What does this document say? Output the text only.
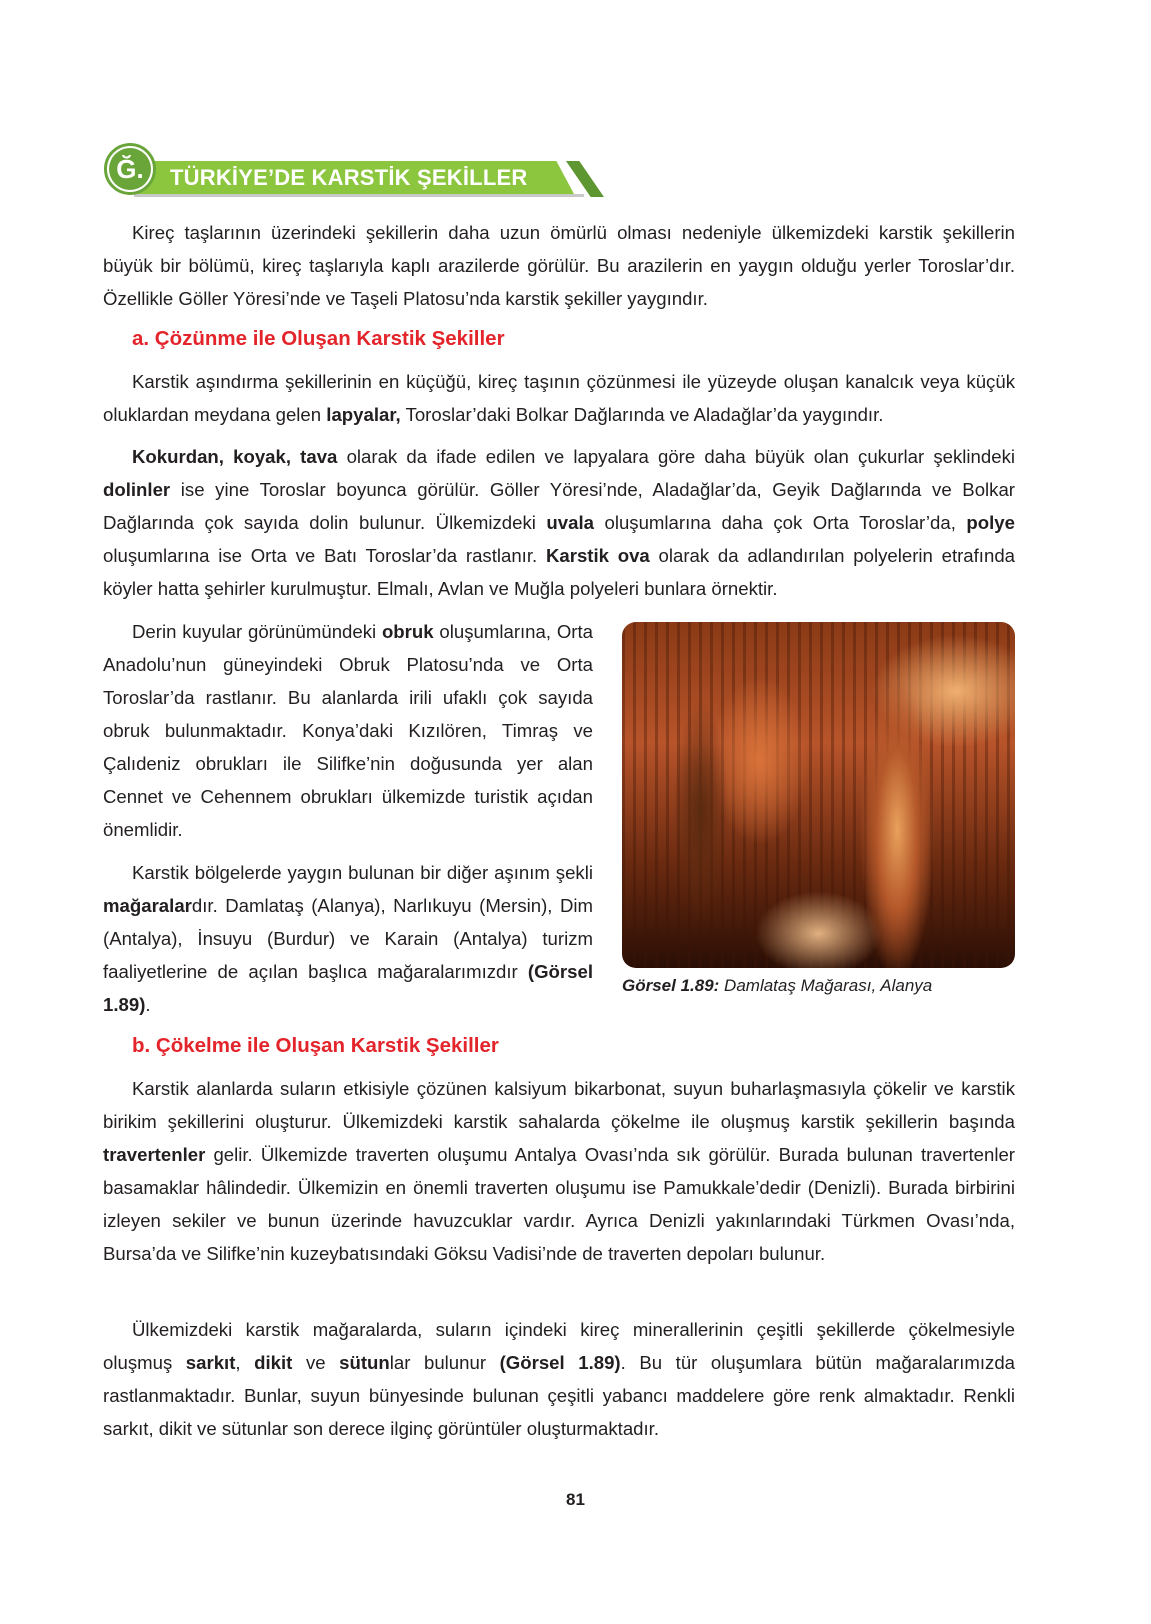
Ğ.	TÜRKİYE’DE KARSTİK ŞEKİLLER
Kireç taşlarının üzerindeki şekillerin daha uzun ömürlü olması nedeniyle ülkemizdeki karstik şekillerin büyük bir bölümü, kireç taşlarıyla kaplı arazilerde görülür. Bu arazilerin en yaygın olduğu yerler Toroslar’dır. Özellikle Göller Yöresi’nde ve Taşeli Platosu’nda karstik şekiller yaygındır.
a. Çözünme ile Oluşan Karstik Şekiller
Karstik aşındırma şekillerinin en küçüğü, kireç taşının çözünmesi ile yüzeyde oluşan kanalcık veya küçük oluklardan meydana gelen lapyalar, Toroslar’daki Bolkar Dağlarında ve Aladağlar’da yaygındır.
Kokurdan, koyak, tava olarak da ifade edilen ve lapyalara göre daha büyük olan çukurlar şeklindeki dolinler ise yine Toroslar boyunca görülür. Göller Yöresi’nde, Aladağlar’da, Geyik Dağlarında ve Bolkar Dağlarında çok sayıda dolin bulunur. Ülkemizdeki uvala oluşumlarına daha çok Orta Toroslar’da, polye oluşumlarına ise Orta ve Batı Toroslar’da rastlanır. Karstik ova olarak da adlandırılan polyelerin etrafında köyler hatta şehirler kurulmuştur. Elmalı, Avlan ve Muğla polyeleri bunlara örnektir.
Derin kuyular görünümündeki obruk oluşumlarına, Orta Anadolu’nun güneyindeki Obruk Platosu’nda ve Orta Toroslar’da rastlanır. Bu alanlarda irili ufaklı çok sayıda obruk bulunmaktadır. Konya’daki Kızılören, Timraş ve Çalıdeniz obrukları ile Silifke’nin doğusunda yer alan Cennet ve Cehennem obrukları ülkemizde turistik açıdan önemlidir.
Karstik bölgelerde yaygın bulunan bir diğer aşınım şekli mağaralardır. Damlataş (Alanya), Narlıkuyu (Mersin), Dim (Antalya), İnsuyu (Burdur) ve Karain (Antalya) turizm faaliyetlerine de açılan başlıca mağaralarımızdır (Görsel 1.89).
Görsel 1.89: Damlataş Mağarası, Alanya
b. Çökelme ile Oluşan Karstik Şekiller
Karstik alanlarda suların etkisiyle çözünen kalsiyum bikarbonat, suyun buharlaşmasıyla çökelir ve karstik birikim şekillerini oluşturur. Ülkemizdeki karstik sahalarda çökelme ile oluşmuş karstik şekillerin başında travertenler gelir. Ülkemizde traverten oluşumu Antalya Ovası’nda sık görülür. Burada bulunan travertenler basamaklar hâlindedir. Ülkemizin en önemli traverten oluşumu ise Pamukkale’dedir (Denizli). Burada birbirini izleyen sekiler ve bunun üzerinde havuzcuklar vardır. Ayrıca Denizli yakınlarındaki Türkmen Ovası’nda, Bursa’da ve Silifke’nin kuzeybatısındaki Göksu Vadisi’nde de traverten depoları bulunur.
Ülkemizdeki karstik mağaralarda, suların içindeki kireç minerallerinin çeşitli şekillerde çökelmesiyle oluşmuş sarkıt, dikit ve sütunlar bulunur (Görsel 1.89). Bu tür oluşumlara bütün mağaralarımızda rastlanmaktadır. Bunlar, suyun bünyesinde bulunan çeşitli yabancı maddelere göre renk almaktadır. Renkli sarkıt, dikit ve sütunlar son derece ilginç görüntüler oluşturmaktadır.
81
